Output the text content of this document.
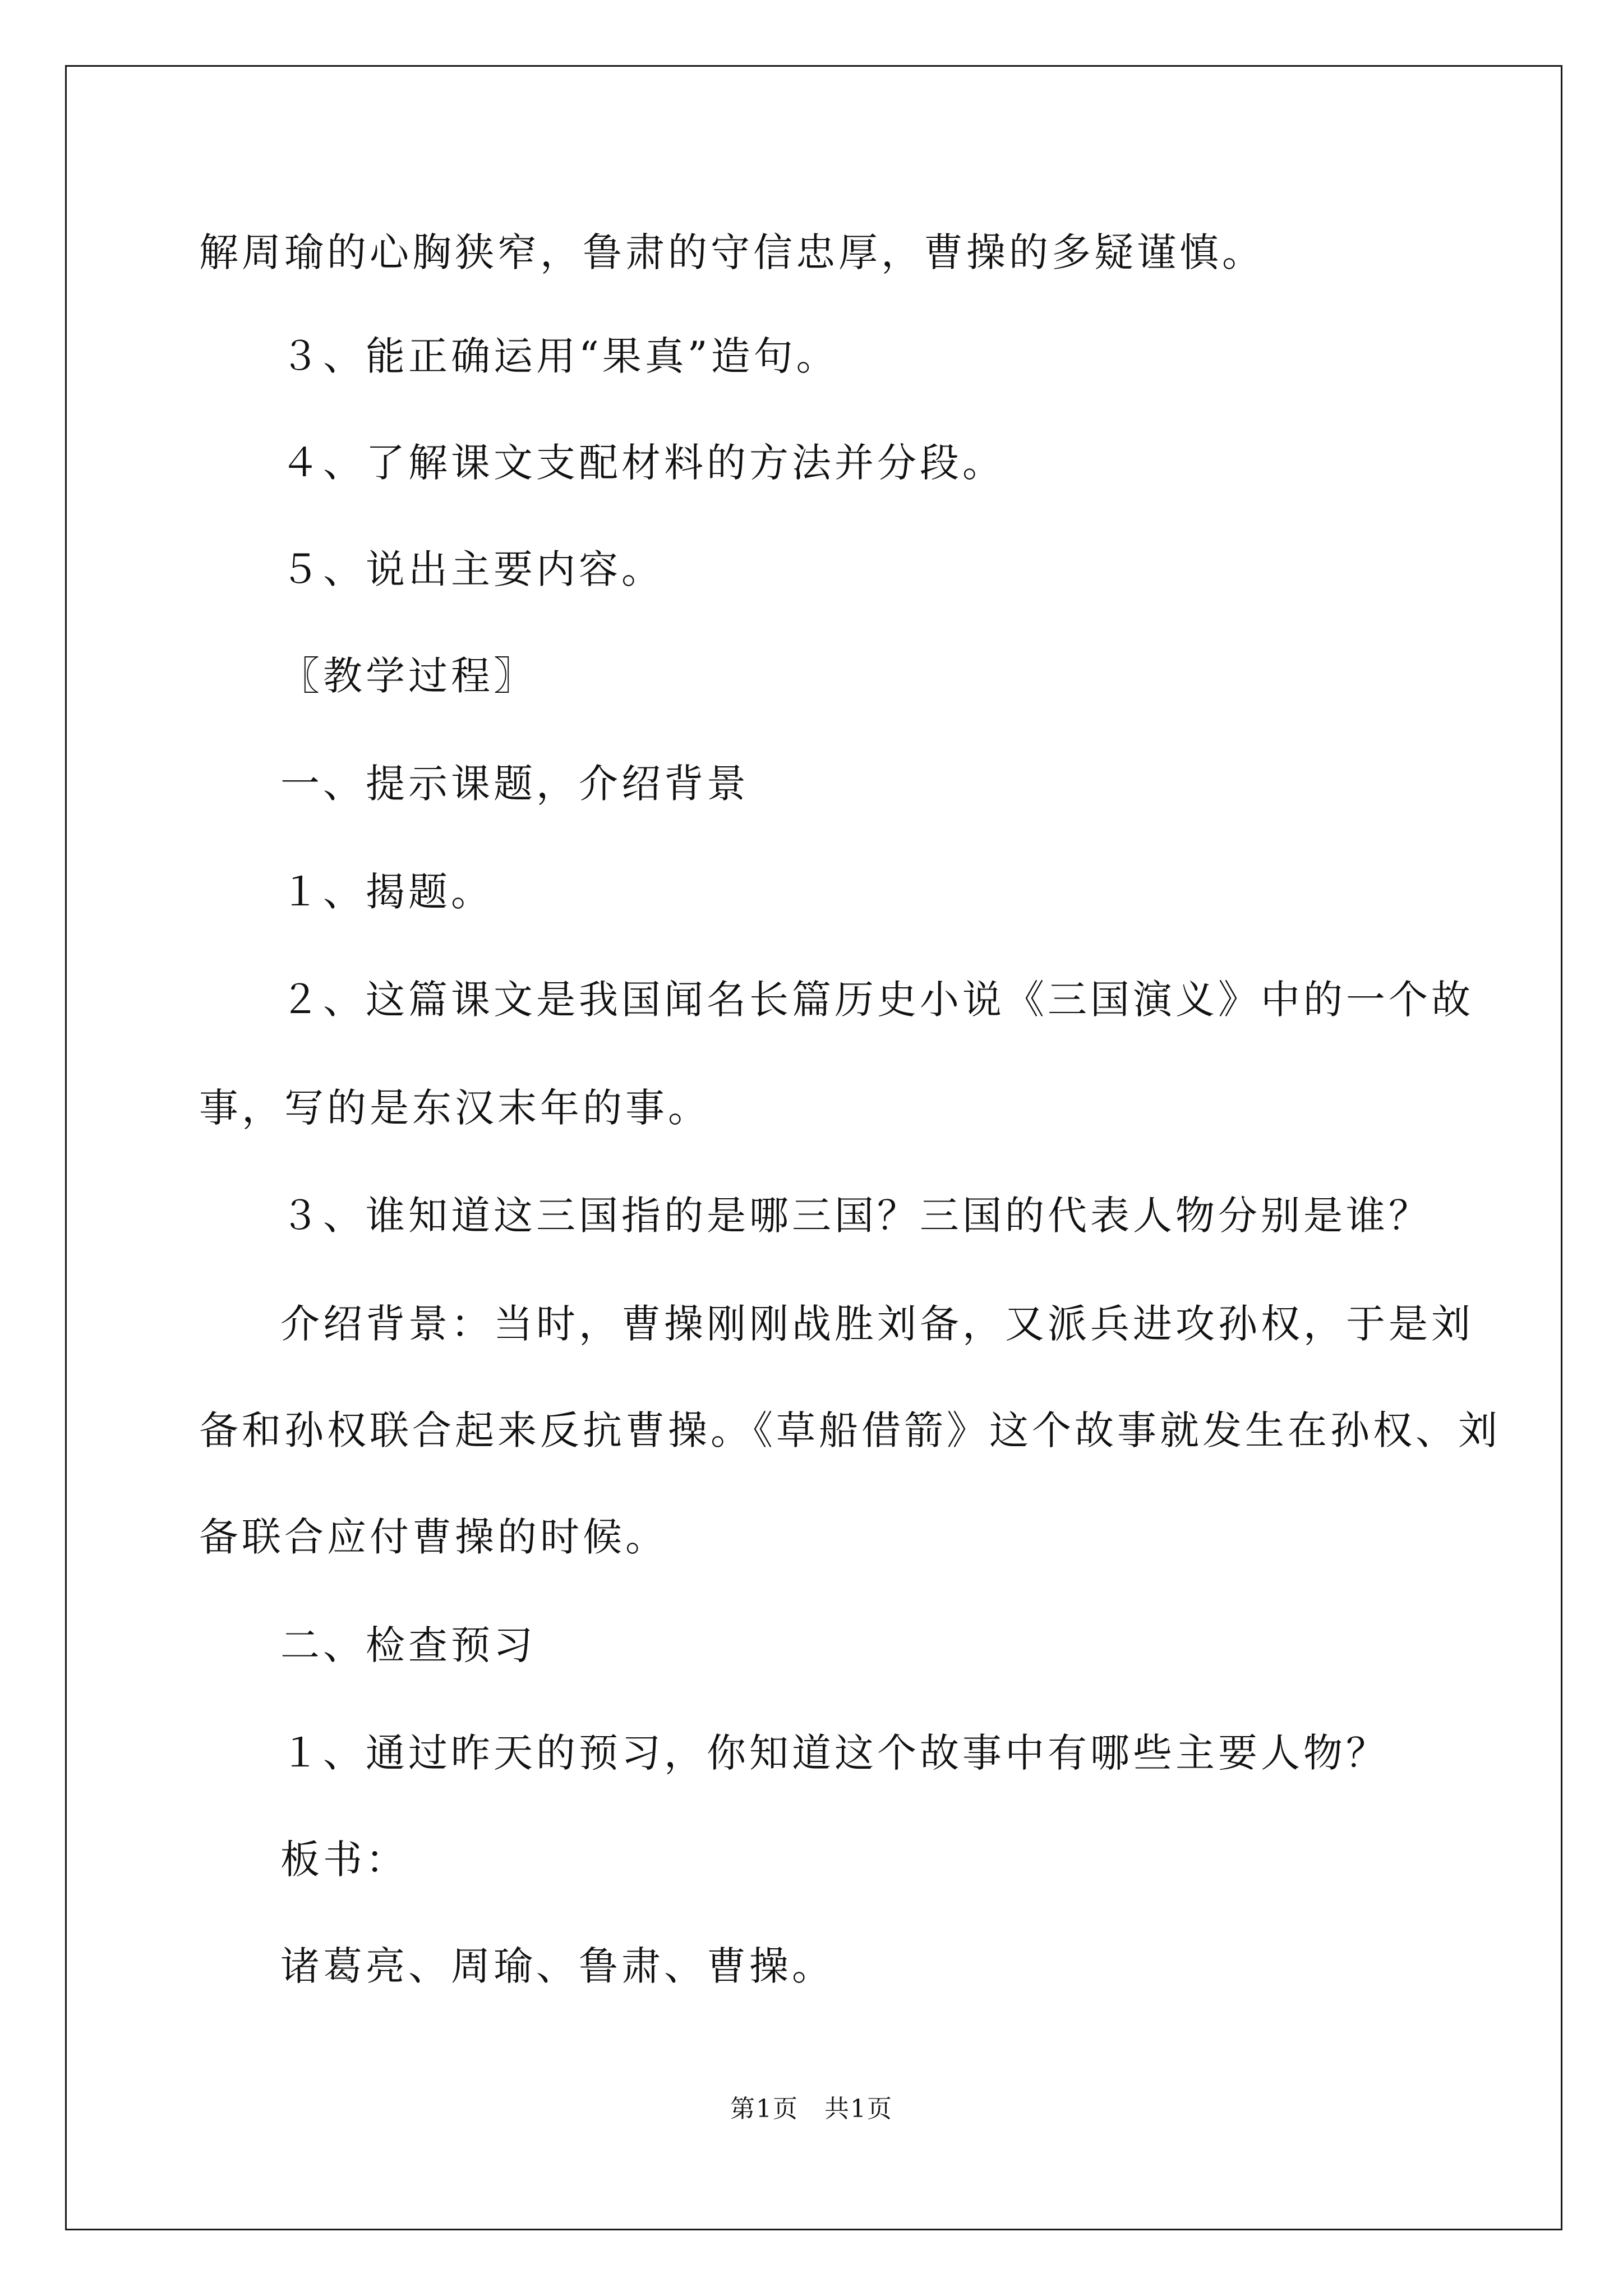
解周瑜的心胸狭窄，鲁肃的守信忠厚，曹操的多疑谨慎。

３、能正确运用“果真”造句。

４、了解课文支配材料的方法并分段。

５、说出主要内容。

〖教学过程〗

一、提示课题，介绍背景

１、揭题。

２、这篇课文是我国闻名长篇历史小说《三国演义》中的一个故

事，写的是东汉末年的事。

３、谁知道这三国指的是哪三国？三国的代表人物分别是谁？

介绍背景：当时，曹操刚刚战胜刘备，又派兵进攻孙权，于是刘

备和孙权联合起来反抗曹操。《草船借箭》这个故事就发生在孙权、刘

备联合应付曹操的时候。

二、检查预习

１、通过昨天的预习，你知道这个故事中有哪些主要人物？

板书：

诸葛亮、周瑜、鲁肃、曹操。

第1页　共1页
